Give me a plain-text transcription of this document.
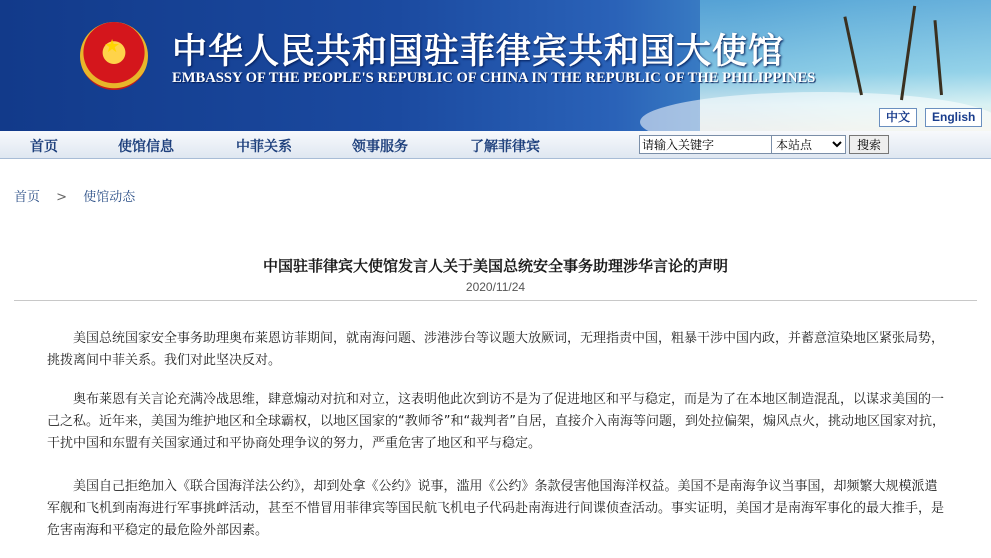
★ 中华人民共和国驻菲律宾共和国大使馆
EMBASSY OF THE PEOPLE'S REPUBLIC OF CHINA IN THE REPUBLIC OF THE PHILIPPINES
中文	English
首页	使馆信息	中菲关系	领事服务	了解菲律宾
请输入关键字
本站点	搜索
首页 > 使馆动态
中国驻菲律宾大使馆发言人关于美国总统安全事务助理涉华言论的声明
2020/11/24
美国总统国家安全事务助理奥布莱恩访菲期间，就南海问题、涉港涉台等议题大放厥词，无理指责中国，粗暴干涉中国内政，并蓄意渲染地区紧张局势，挑拨离间中菲关系。我们对此坚决反对。
奥布莱恩有关言论充满冷战思维，肆意煽动对抗和对立，这表明他此次到访不是为了促进地区和平与稳定，而是为了在本地区制造混乱，以谋求美国的一己之私。近年来，美国为维护地区和全球霸权，以地区国家的“教师爷”和“裁判者”自居，直接介入南海等问题，到处拉偏架，煽风点火，挑动地区国家对抗，干扰中国和东盟有关国家通过和平协商处理争议的努力，严重危害了地区和平与稳定。
美国自己拒绝加入《联合国海洋法公约》，却到处拿《公约》说事，滥用《公约》条款侵害他国海洋权益。美国不是南海争议当事国，却频繁大规模派遣军舰和飞机到南海进行军事挑衅活动，甚至不惜冒用菲律宾等国民航飞机电子代码赴南海进行间谍侦查活动。事实证明，美国才是南海军事化的最大推手，是危害南海和平稳定的最危险外部因素。
